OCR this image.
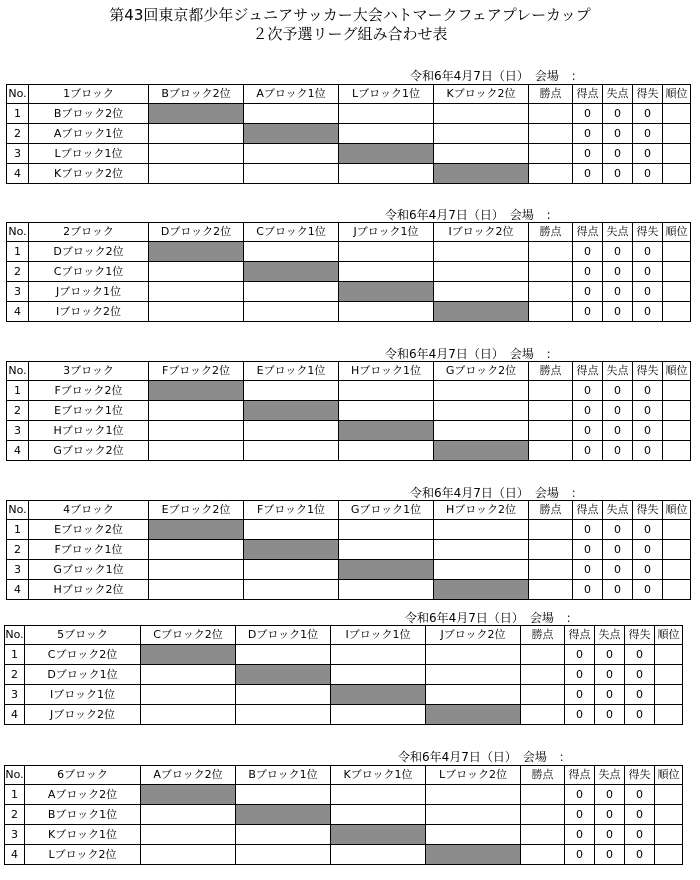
第43回東京都少年ジュニアサッカー大会ハトマークフェアプレーカップ
２次予選リーグ組み合わせ表
令和6年4月7日（日）　会場　：
No.	1ブロック	Bブロック2位	Aブロック1位	Lブロック1位	Kブロック2位	勝点	得点	失点	得失	順位
1	Bブロック2位						0	0	0	
2	Aブロック1位						0	0	0	
3	Lブロック1位						0	0	0	
4	Kブロック2位						0	0	0	
令和6年4月7日（日）　会場　：
No.	2ブロック	Dブロック2位	Cブロック1位	Jブロック1位	Iブロック2位	勝点	得点	失点	得失	順位
1	Dブロック2位						0	0	0	
2	Cブロック1位						0	0	0	
3	Jブロック1位						0	0	0	
4	Iブロック2位						0	0	0	
令和6年4月7日（日）　会場　：
No.	3ブロック	Fブロック2位	Eブロック1位	Hブロック1位	Gブロック2位	勝点	得点	失点	得失	順位
1	Fブロック2位						0	0	0	
2	Eブロック1位						0	0	0	
3	Hブロック1位						0	0	0	
4	Gブロック2位						0	0	0	
令和6年4月7日（日）　会場　：
No.	4ブロック	Eブロック2位	Fブロック1位	Gブロック1位	Hブロック2位	勝点	得点	失点	得失	順位
1	Eブロック2位						0	0	0	
2	Fブロック1位						0	0	0	
3	Gブロック1位						0	0	0	
4	Hブロック2位						0	0	0	
令和6年4月7日（日）　会場　：
No.	5ブロック	Cブロック2位	Dブロック1位	Iブロック1位	Jブロック2位	勝点	得点	失点	得失	順位
1	Cブロック2位						0	0	0	
2	Dブロック1位						0	0	0	
3	Iブロック1位						0	0	0	
4	Jブロック2位						0	0	0	
令和6年4月7日（日）　会場　：
No.	6ブロック	Aブロック2位	Bブロック1位	Kブロック1位	Lブロック2位	勝点	得点	失点	得失	順位
1	Aブロック2位						0	0	0	
2	Bブロック1位						0	0	0	
3	Kブロック1位						0	0	0	
4	Lブロック2位						0	0	0	
